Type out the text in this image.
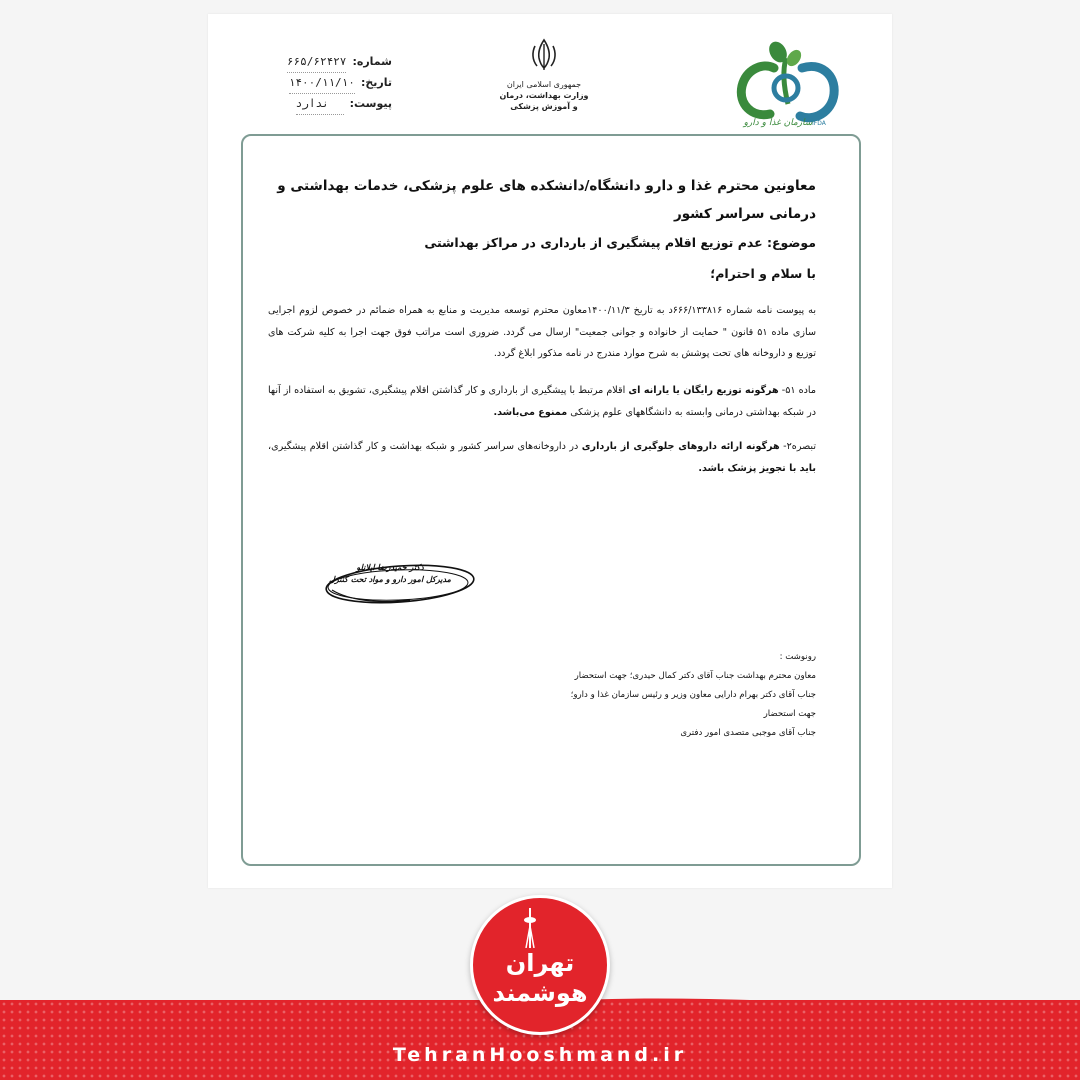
شماره:
۶۶۵/۶۲۴۲۷
تاریخ:
۱۴۰۰/۱۱/۱۰
پیوست:
ندارد
جمهوری اسلامی ایران
وزارت بهداشت، درمان
و آموزش پزشکی
سازمان غذا و دارو IFDA
معاونین محترم غذا و دارو دانشگاه/دانشکده های علوم پزشکی، خدمات بهداشتی و درمانی سراسر کشور
موضوع: عدم توزیع اقلام پیشگیری از بارداری در مراکز بهداشتی
با سلام و احترام؛
به پیوست نامه شماره ۶۶۶/۱۳۳۸۱۶د به تاریخ ۱۴۰۰/۱۱/۳معاون محترم توسعه مدیریت و منابع به همراه ضمائم در خصوص لزوم اجرایی سازی ماده ۵۱ قانون " حمایت از خانواده و جوانی جمعیت" ارسال می گردد. ضروری است مراتب فوق جهت اجرا به کلیه شرکت های توزیع و داروخانه های تحت پوشش به شرح موارد مندرج در نامه مذکور ابلاغ گردد.
ماده ۵۱- هرگونه توزیع رایگان یا یارانه ای اقلام مرتبط با پیشگیری از بارداری و کار گذاشتن اقلام پیشگیری، تشویق به استفاده از آنها در شبکه بهداشتی درمانی وابسته به دانشگاههای علوم پزشکی ممنوع می‌باشد.
تبصره۲- هرگونه ارائه داروهای جلوگیری از بارداری در داروخانه‌های سراسر کشور و شبکه بهداشت و کار گذاشتن اقلام پیشگیری، باید با تجویز پزشک باشد.
دکتر حمیدرضا ایلانلو
مدیرکل امور دارو و مواد تحت کنترل
رونوشت :
معاون محترم بهداشت جناب آقای دکتر کمال حیدری؛ جهت استحضار
جناب آقای دکتر بهرام دارایی معاون وزیر و رئیس سازمان غذا و دارو؛ جهت استحضار
جناب آقای موجبی متصدی امور دفتری
تهران هوشمند
TehranHooshmand.ir
